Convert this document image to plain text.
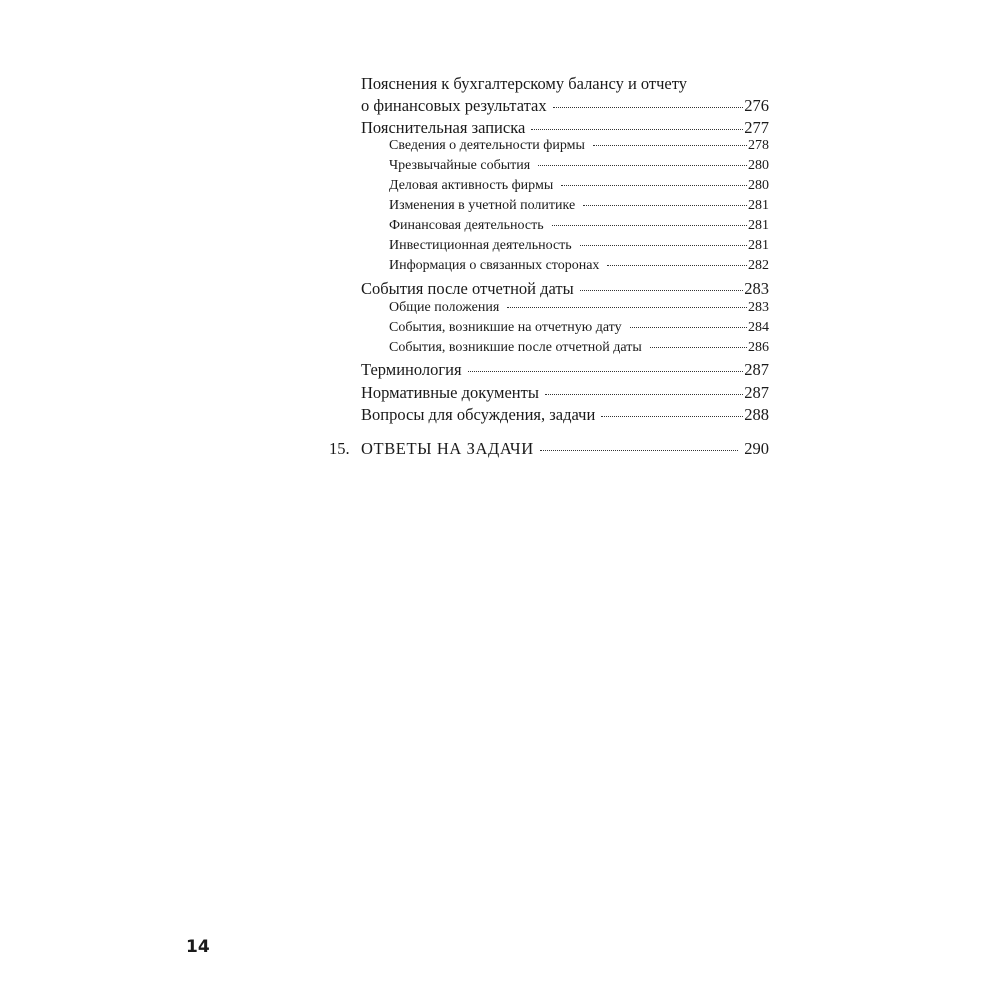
Пояснения к бухгалтерскому балансу и отчету
о финансовых результатах	276
Пояснительная записка	277
Сведения о деятельности фирмы	278
Чрезвычайные события	280
Деловая активность фирмы	280
Изменения в учетной политике	281
Финансовая деятельность	281
Инвестиционная деятельность	281
Информация о связанных сторонах	282
События после отчетной даты	283
Общие положения	283
События, возникшие на отчетную дату	284
События, возникшие после отчетной даты	286
Терминология	287
Нормативные документы	287
Вопросы для обсуждения, задачи	288
15. ОТВЕТЫ НА ЗАДАЧИ	290
14
